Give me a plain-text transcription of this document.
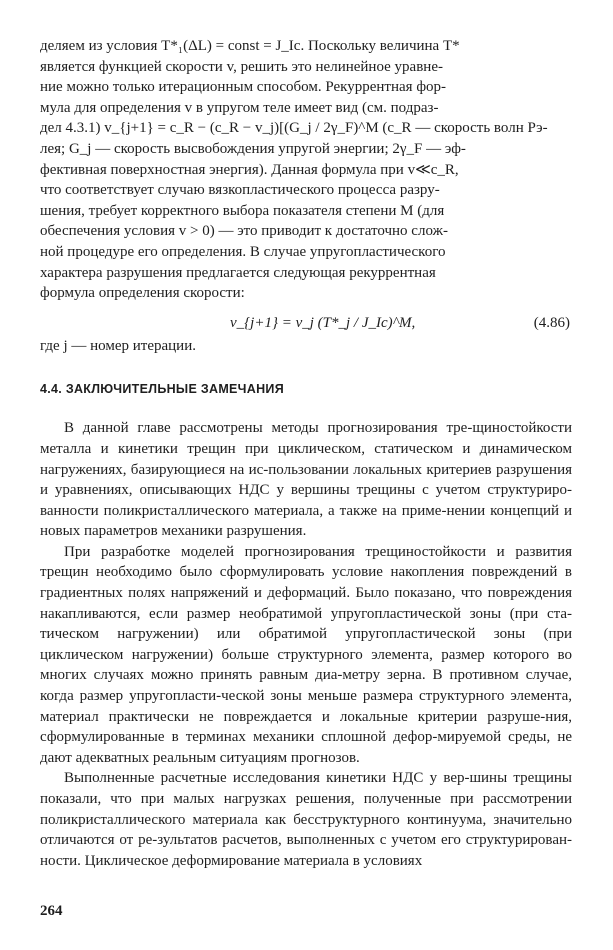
деляем из условия T*₁(ΔL) = const = J_Ic. Поскольку величина T*
является функцией скорости v, решить это нелинейное уравне-
ние можно только итерационным способом. Рекуррентная фор-
мула для определения v в упругом теле имеет вид (см. подраз-
дел 4.3.1) v_{j+1} = c_R − (c_R − v_j)[(G_j / 2γ_F)^M (c_R — скорость волн Рэ-
лея; G_j — скорость высвобождения упругой энергии; 2γ_F — эф-
фективная поверхностная энергия). Данная формула при v≪c_R,
что соответствует случаю вязкопластического процесса разру-
шения, требует корректного выбора показателя степени M (для
обеспечения условия v > 0) — это приводит к достаточно слож-
ной процедуре его определения. В случае упругопластического
характера разрушения предлагается следующая рекуррентная
формула определения скорости:
v_{j+1} = v_j (T*_j / J_Ic)^M,	(4.86)

где j — номер итерации.

4.4. ЗАКЛЮЧИТЕЛЬНЫЕ ЗАМЕЧАНИЯ

В данной главе рассмотрены методы прогнозирования тре-щиностойкости металла и кинетики трещин при циклическом, статическом и динамическом нагружениях, базирующиеся на ис-пользовании локальных критериев разрушения и уравнениях, описывающих НДС у вершины трещины с учетом структуриро-ванности поликристаллического материала, а также на приме-нении концепций и новых параметров механики разрушения.

При разработке моделей прогнозирования трещиностойкости и развития трещин необходимо было сформулировать условие накопления повреждений в градиентных полях напряжений и деформаций. Было показано, что повреждения накапливаются, если размер необратимой упругопластической зоны (при ста-тическом нагружении) или обратимой упругопластической зоны (при циклическом нагружении) больше структурного элемента, размер которого во многих случаях можно принять равным диа-метру зерна. В противном случае, когда размер упругопласти-ческой зоны меньше размера структурного элемента, материал практически не повреждается и локальные критерии разруше-ния, сформулированные в терминах механики сплошной дефор-мируемой среды, не дают адекватных реальным ситуациям прогнозов.

Выполненные расчетные исследования кинетики НДС у вер-шины трещины показали, что при малых нагрузках решения, полученные при рассмотрении поликристаллического материала как бесструктурного континуума, значительно отличаются от ре-зультатов расчетов, выполненных с учетом его структурирован-ности. Циклическое деформирование материала в условиях

264
